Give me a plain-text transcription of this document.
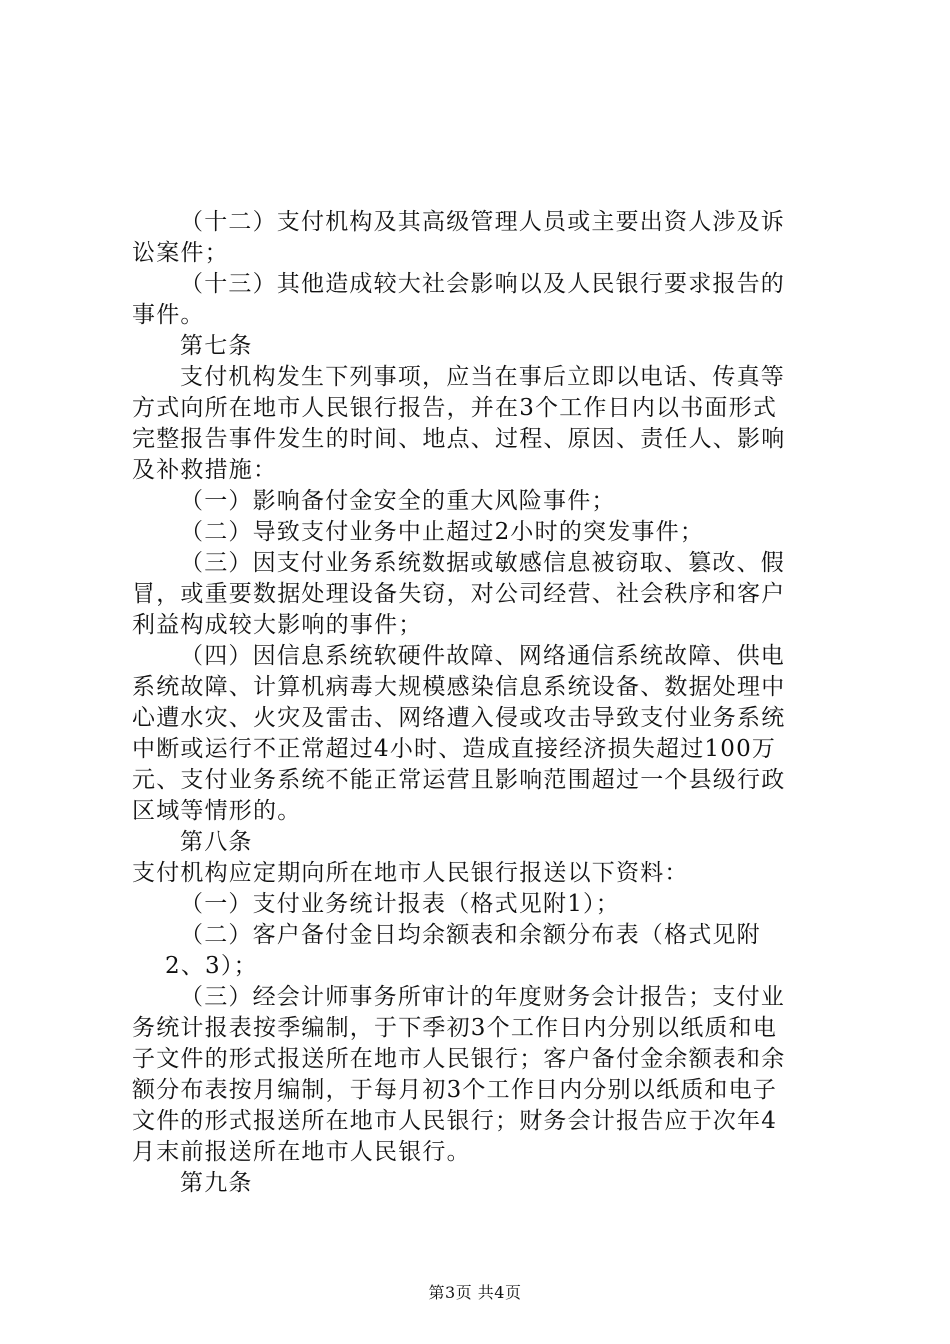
（十二）支付机构及其高级管理人员或主要出资人涉及诉
讼案件；
（十三）其他造成较大社会影响以及人民银行要求报告的
事件。
第七条
支付机构发生下列事项，应当在事后立即以电话、传真等
方式向所在地市人民银行报告，并在3个工作日内以书面形式
完整报告事件发生的时间、地点、过程、原因、责任人、影响
及补救措施：
（一）影响备付金安全的重大风险事件；
（二）导致支付业务中止超过2小时的突发事件；
（三）因支付业务系统数据或敏感信息被窃取、篡改、假
冒，或重要数据处理设备失窃，对公司经营、社会秩序和客户
利益构成较大影响的事件；
（四）因信息系统软硬件故障、网络通信系统故障、供电
系统故障、计算机病毒大规模感染信息系统设备、数据处理中
心遭水灾、火灾及雷击、网络遭入侵或攻击导致支付业务系统
中断或运行不正常超过4小时、造成直接经济损失超过100万
元、支付业务系统不能正常运营且影响范围超过一个县级行政
区域等情形的。
第八条
支付机构应定期向所在地市人民银行报送以下资料：
（一）支付业务统计报表（格式见附1）；
（二）客户备付金日均余额表和余额分布表（格式见附
2、3）；
（三）经会计师事务所审计的年度财务会计报告；支付业
务统计报表按季编制，于下季初3个工作日内分别以纸质和电
子文件的形式报送所在地市人民银行；客户备付金余额表和余
额分布表按月编制，于每月初3个工作日内分别以纸质和电子
文件的形式报送所在地市人民银行；财务会计报告应于次年4
月末前报送所在地市人民银行。
第九条
第3页 共4页
